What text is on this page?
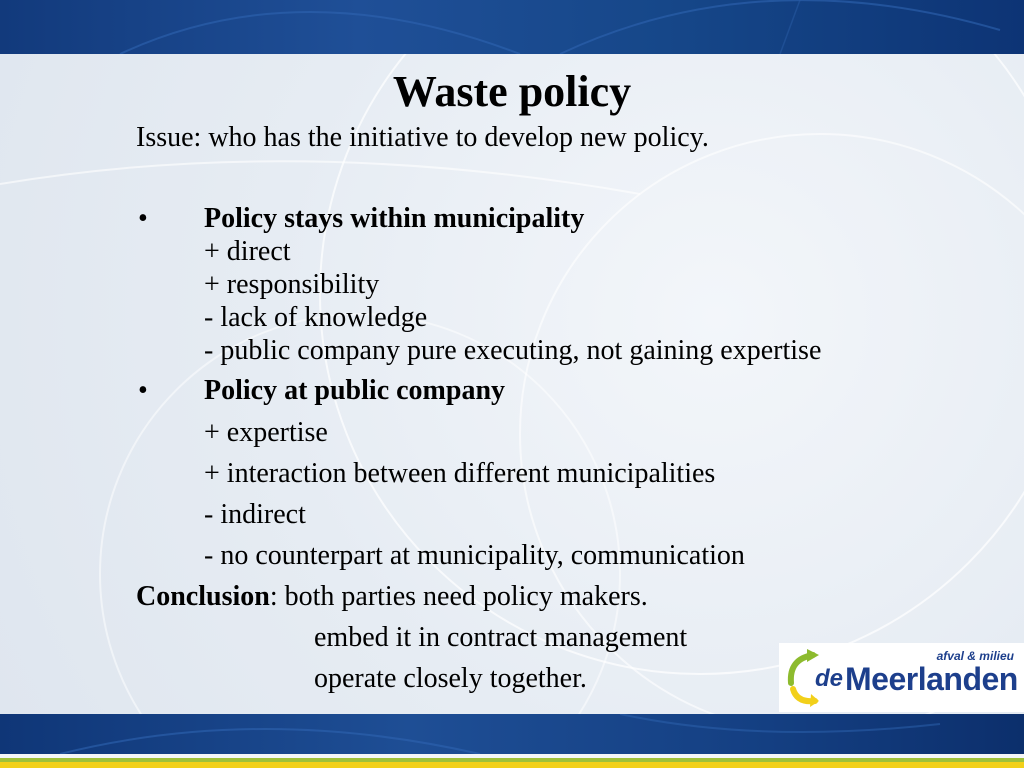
Waste policy
Issue: who has the initiative to develop new policy.
• Policy stays within municipality
+ direct
+ responsibility
- lack of knowledge
- public company pure executing, not gaining expertise
• Policy at public company
+ expertise
+ interaction between different municipalities
- indirect
- no counterpart at municipality, communication
Conclusion: both parties need policy makers.
embed it in contract management
operate closely together.
afval & milieu
de Meerlanden
